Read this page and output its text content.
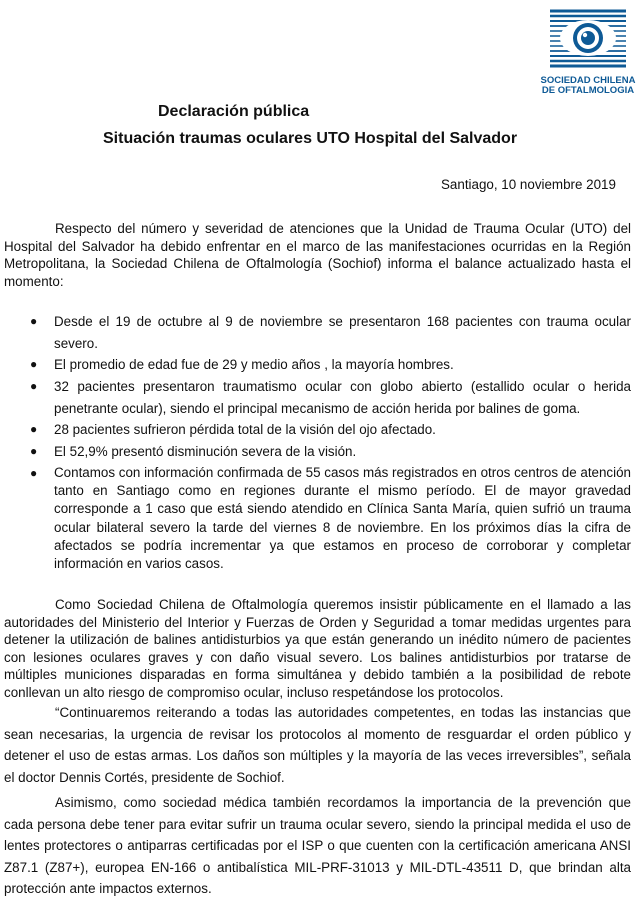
SOCIEDAD CHILENA
DE OFTALMOLOGIA
Declaración pública
Situación traumas oculares UTO Hospital del Salvador
Santiago, 10 noviembre 2019
Respecto del número y severidad de atenciones que la Unidad de Trauma Ocular (UTO) del Hospital del Salvador ha debido enfrentar en el marco de las manifestaciones ocurridas en la Región Metropolitana, la Sociedad Chilena de Oftalmología (Sochiof) informa el balance actualizado hasta el momento:
● Desde el 19 de octubre al 9 de noviembre se presentaron 168 pacientes con trauma ocular severo.
● El promedio de edad fue de 29 y medio años , la mayoría hombres.
● 32 pacientes presentaron traumatismo ocular con globo abierto (estallido ocular o herida penetrante ocular), siendo el principal mecanismo de acción herida por balines de goma.
● 28 pacientes sufrieron pérdida total de la visión del ojo afectado.
● El 52,9% presentó disminución severa de la visión.
● Contamos con información confirmada de 55 casos más registrados en otros centros de atención tanto en Santiago como en regiones durante el mismo período. El de mayor gravedad corresponde a 1 caso que está siendo atendido en Clínica Santa María, quien sufrió un trauma ocular bilateral severo la tarde del viernes 8 de noviembre. En los próximos días la cifra de afectados se podría incrementar ya que estamos en proceso de corroborar y completar información en varios casos.
Como Sociedad Chilena de Oftalmología queremos insistir públicamente en el llamado a las autoridades del Ministerio del Interior y Fuerzas de Orden y Seguridad a tomar medidas urgentes para detener la utilización de balines antidisturbios ya que están generando un inédito número de pacientes con lesiones oculares graves y con daño visual severo. Los balines antidisturbios por tratarse de múltiples municiones disparadas en forma simultánea y debido también a la posibilidad de rebote conllevan un alto riesgo de compromiso ocular, incluso respetándose los protocolos.
“Continuaremos reiterando a todas las autoridades competentes, en todas las instancias que sean necesarias, la urgencia de revisar los protocolos al momento de resguardar el orden público y detener el uso de estas armas. Los daños son múltiples y la mayoría de las veces irreversibles”, señala el doctor Dennis Cortés, presidente de Sochiof.
Asimismo, como sociedad médica también recordamos la importancia de la prevención que cada persona debe tener para evitar sufrir un trauma ocular severo, siendo la principal medida el uso de lentes protectores o antiparras certificadas por el ISP o que cuenten con la certificación americana ANSI Z87.1 (Z87+), europea EN-166 o antibalística MIL-PRF-31013 y MIL-DTL-43511 D, que brindan alta protección ante impactos externos.
